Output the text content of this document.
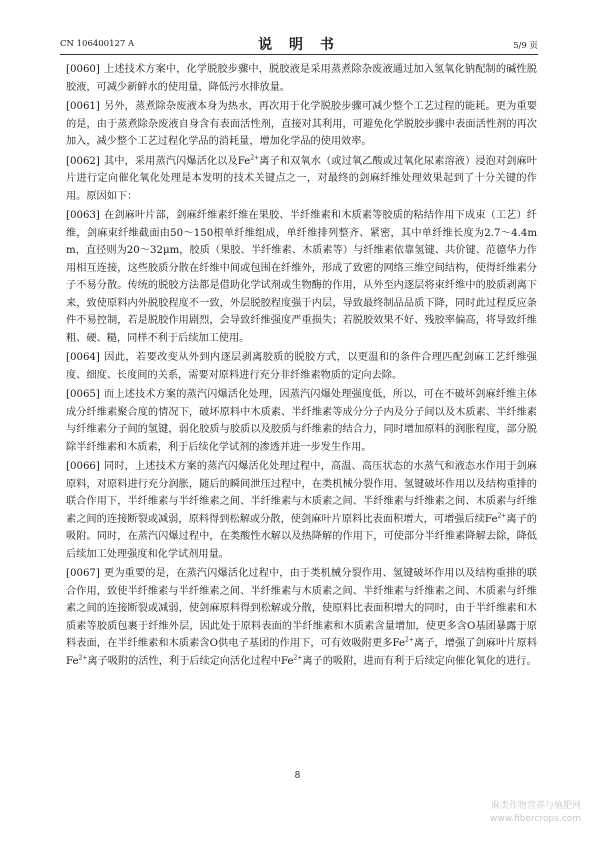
CN 106400127 A	说 明 书	5/9 页

[0060] 上述技术方案中，化学脱胶步骤中，脱胶液是采用蒸煮除杂废液通过加入氢氧化钠配制的碱性脱胶液，可减少新鲜水的使用量，降低污水排放量。

[0061] 另外，蒸煮除杂废液本身为热水，再次用于化学脱胶步骤可减少整个工艺过程的能耗。更为重要的是，由于蒸煮除杂废液自身含有表面活性剂，直接对其利用，可避免化学脱胶步骤中表面活性剂的再次加入，减少整个工艺过程化学品的消耗量，增加化学品的使用效率。

[0062] 其中，采用蒸汽闪爆活化以及$Fe^{2+}$离子和双氧水（或过氧乙酸或过氧化尿素溶液）浸泡对剑麻叶片进行定向催化氧化处理是本发明的技术关键点之一，对最终的剑麻纤维处理效果起到了十分关键的作用。原因如下：

[0063] 在剑麻叶片部，剑麻纤维素纤维在果胶、半纤维素和木质素等胶质的粘结作用下成束（工艺）纤维，剑麻束纤维截面由50～150根单纤维组成，单纤维排列整齐、紧密，其中单纤维长度为2.7～4.4mm，直径则为20～32μm，胶质（果胶、半纤维素、木质素等）与纤维素依靠氢键、共价键、范德华力作用相互连接，这些胶质分散在纤维中间或包围在纤维外，形成了致密的网络三维空间结构，使得纤维素分子不易分散。传统的脱胶方法都是借助化学试剂或生物酶的作用，从外至内逐层将束纤维中的胶质剥离下来，致使原料内外脱胶程度不一致，外层脱胶程度强于内层，导致最终制品品质下降，同时此过程反应条件不易控制，若是脱胶作用剧烈，会导致纤维强度严重损失；若脱胶效果不好、残胶率偏高，将导致纤维粗、硬、糙，同样不利于后续加工使用。

[0064] 因此，若要改变从外到内逐层剥离胶质的脱胶方式，以更温和的条件合理匹配剑麻工艺纤维强度、细度、长度间的关系，需要对原料进行充分非纤维素物质的定向去除。

[0065] 而上述技术方案的蒸汽闪爆活化处理，因蒸汽闪爆处理强度低，所以，可在不破坏剑麻纤维主体成分纤维素聚合度的情况下，破坏原料中木质素、半纤维素等成分分子内及分子间以及木质素、半纤维素与纤维素分子间的氢键，弱化胶质与胶质以及胶质与纤维素的结合力，同时增加原料的润胀程度，部分脱除半纤维素和木质素，利于后续化学试剂的渗透并进一步发生作用。

[0066] 同时，上述技术方案的蒸汽闪爆活化处理过程中，高温、高压状态的水蒸气和液态水作用于剑麻原料，对原料进行充分润胀，随后的瞬间泄压过程中，在类机械分裂作用、氢键破坏作用以及结构重排的联合作用下，半纤维素与半纤维素之间、半纤维素与木质素之间、半纤维素与纤维素之间、木质素与纤维素之间的连接断裂或减弱，原料得到松解或分散，使剑麻叶片原料比表面积增大，可增强后续$Fe^{2+}$离子的吸附。同时，在蒸汽闪爆过程中，在类酸性水解以及热降解的作用下，可使部分半纤维素降解去除，降低后续加工处理强度和化学试剂用量。

[0067] 更为重要的是，在蒸汽闪爆活化过程中，由于类机械分裂作用、氢键破坏作用以及结构重排的联合作用，致使半纤维素与半纤维素之间、半纤维素与木质素之间、半纤维素与纤维素之间、木质素与纤维素之间的连接断裂或减弱，使剑麻原料得到松解或分散，使原料比表面积增大的同时，由于半纤维素和木质素等胶质包裹于纤维外层，因此处于原料表面的半纤维素和木质素含量增加，使更多含O基团暴露于原料表面，在半纤维素和木质素含O供电子基团的作用下，可有效吸附更多$Fe^{2+}$离子，增强了剑麻叶片原料$Fe^{2+}$离子吸附的活性，利于后续定向活化过程中$Fe^{2+}$离子的吸附，进而有利于后续定向催化氧化的进行。

8
麻类作物营养与施肥网
www.fibercrops.com
